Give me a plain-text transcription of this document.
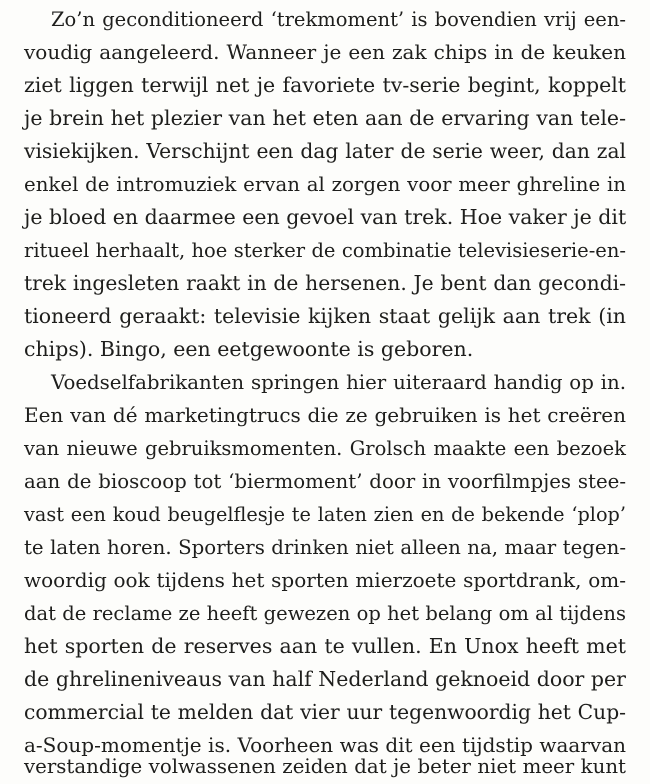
Zo’n geconditioneerd ‘trekmoment’ is bovendien vrij een-
voudig aangeleerd. Wanneer je een zak chips in de keuken
ziet liggen terwijl net je favoriete tv-serie begint, koppelt
je brein het plezier van het eten aan de ervaring van tele-
visiekijken. Verschijnt een dag later de serie weer, dan zal
enkel de intromuziek ervan al zorgen voor meer ghreline in
je bloed en daarmee een gevoel van trek. Hoe vaker je dit
ritueel herhaalt, hoe sterker de combinatie televisieserie-en-
trek ingesleten raakt in de hersenen. Je bent dan gecondi-
tioneerd geraakt: televisie kijken staat gelijk aan trek (in
chips). Bingo, een eetgewoonte is geboren.
Voedselfabrikanten springen hier uiteraard handig op in.
Een van dé marketingtrucs die ze gebruiken is het creëren
van nieuwe gebruiksmomenten. Grolsch maakte een bezoek
aan de bioscoop tot ‘biermoment’ door in voorfilmpjes stee-
vast een koud beugelflesje te laten zien en de bekende ‘plop’
te laten horen. Sporters drinken niet alleen na, maar tegen-
woordig ook tijdens het sporten mierzoete sportdrank, om-
dat de reclame ze heeft gewezen op het belang om al tijdens
het sporten de reserves aan te vullen. En Unox heeft met
de ghrelineniveaus van half Nederland geknoeid door per
commercial te melden dat vier uur tegenwoordig het Cup-
a-Soup-momentje is. Voorheen was dit een tijdstip waarvan
verstandige volwassenen zeiden dat je beter niet meer kunt
